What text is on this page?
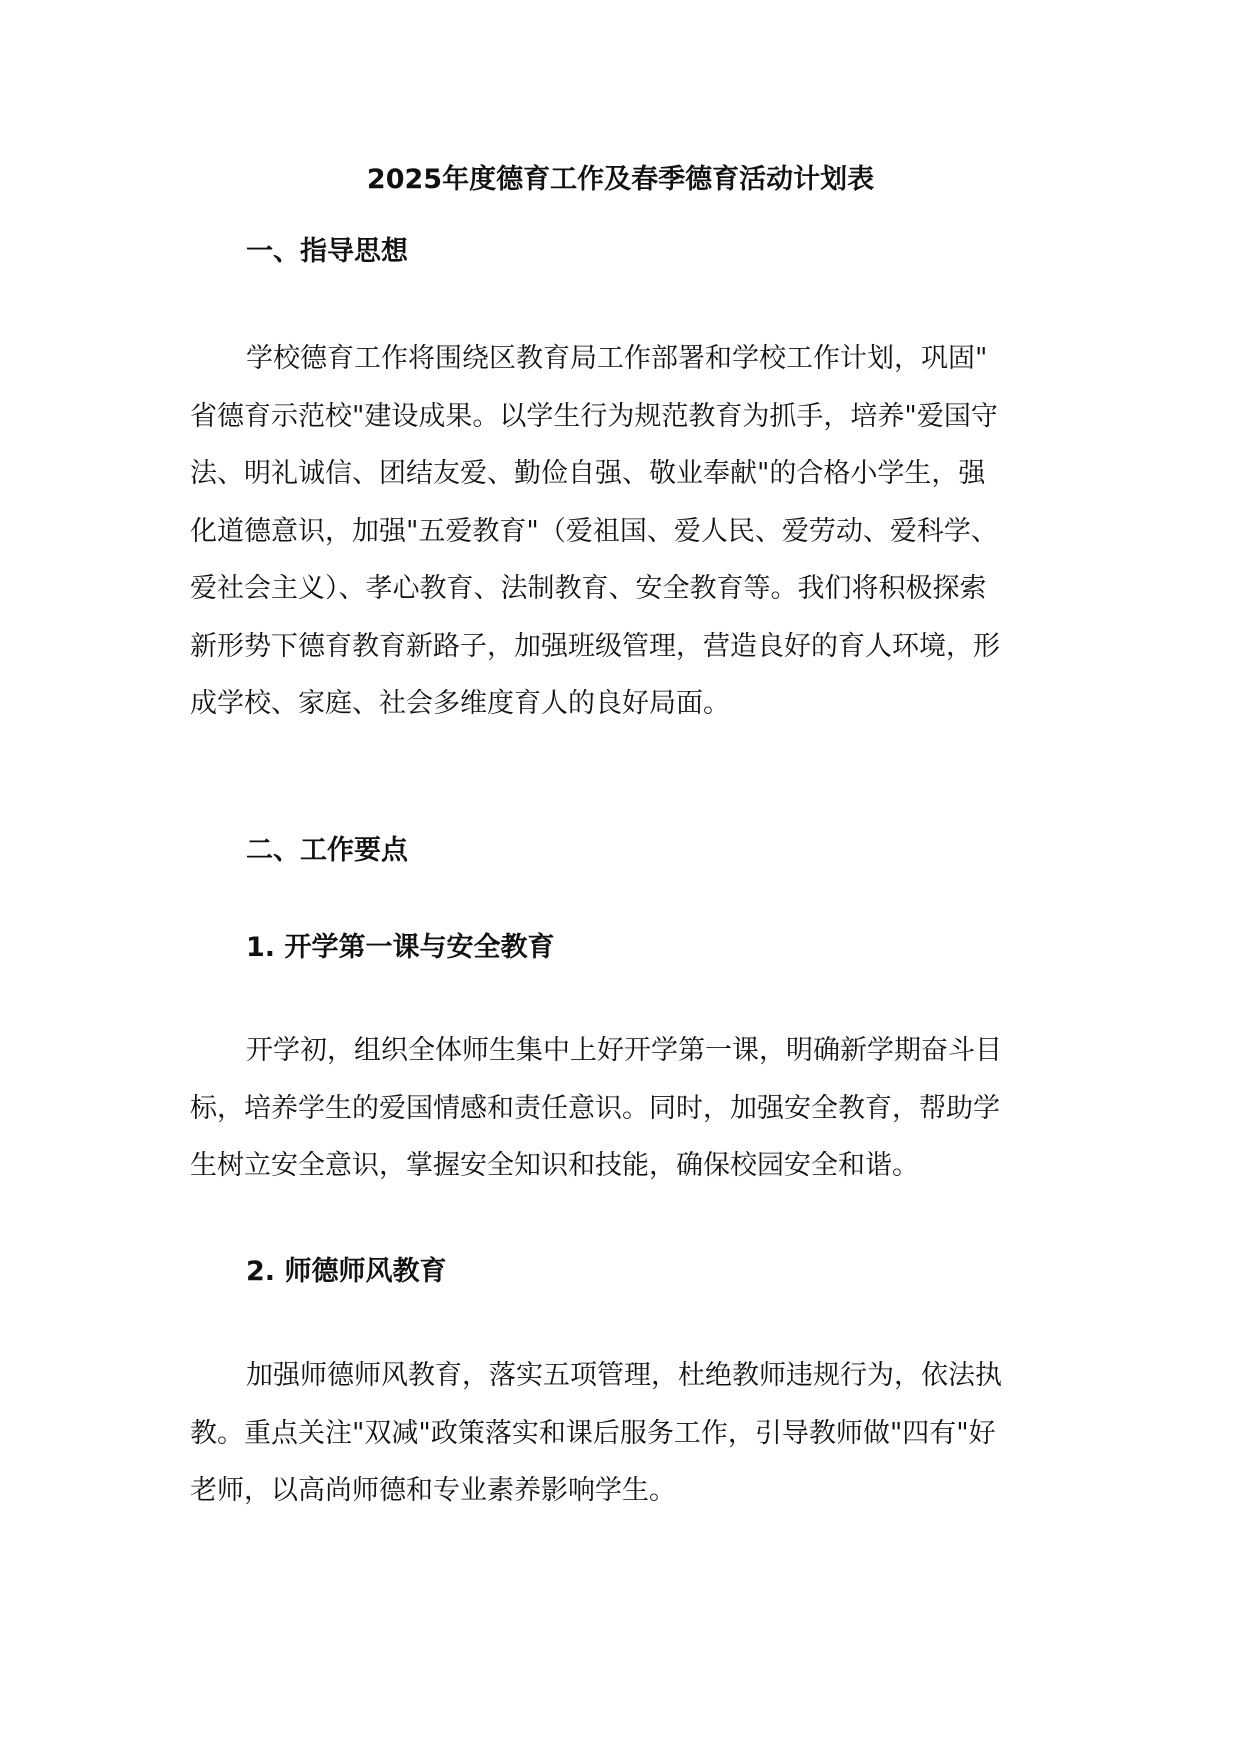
2025年度德育工作及春季德育活动计划表
一、指导思想
学校德育工作将围绕区教育局工作部署和学校工作计划，巩固"
省德育示范校"建设成果。以学生行为规范教育为抓手，培养"爱国守
法、明礼诚信、团结友爱、勤俭自强、敬业奉献"的合格小学生，强
化道德意识，加强"五爱教育"（爱祖国、爱人民、爱劳动、爱科学、
爱社会主义）、孝心教育、法制教育、安全教育等。我们将积极探索
新形势下德育教育新路子，加强班级管理，营造良好的育人环境，形
成学校、家庭、社会多维度育人的良好局面。
二、工作要点
1. 开学第一课与安全教育
开学初，组织全体师生集中上好开学第一课，明确新学期奋斗目
标，培养学生的爱国情感和责任意识。同时，加强安全教育，帮助学
生树立安全意识，掌握安全知识和技能，确保校园安全和谐。
2. 师德师风教育
加强师德师风教育，落实五项管理，杜绝教师违规行为，依法执
教。重点关注"双减"政策落实和课后服务工作，引导教师做"四有"好
老师，以高尚师德和专业素养影响学生。
